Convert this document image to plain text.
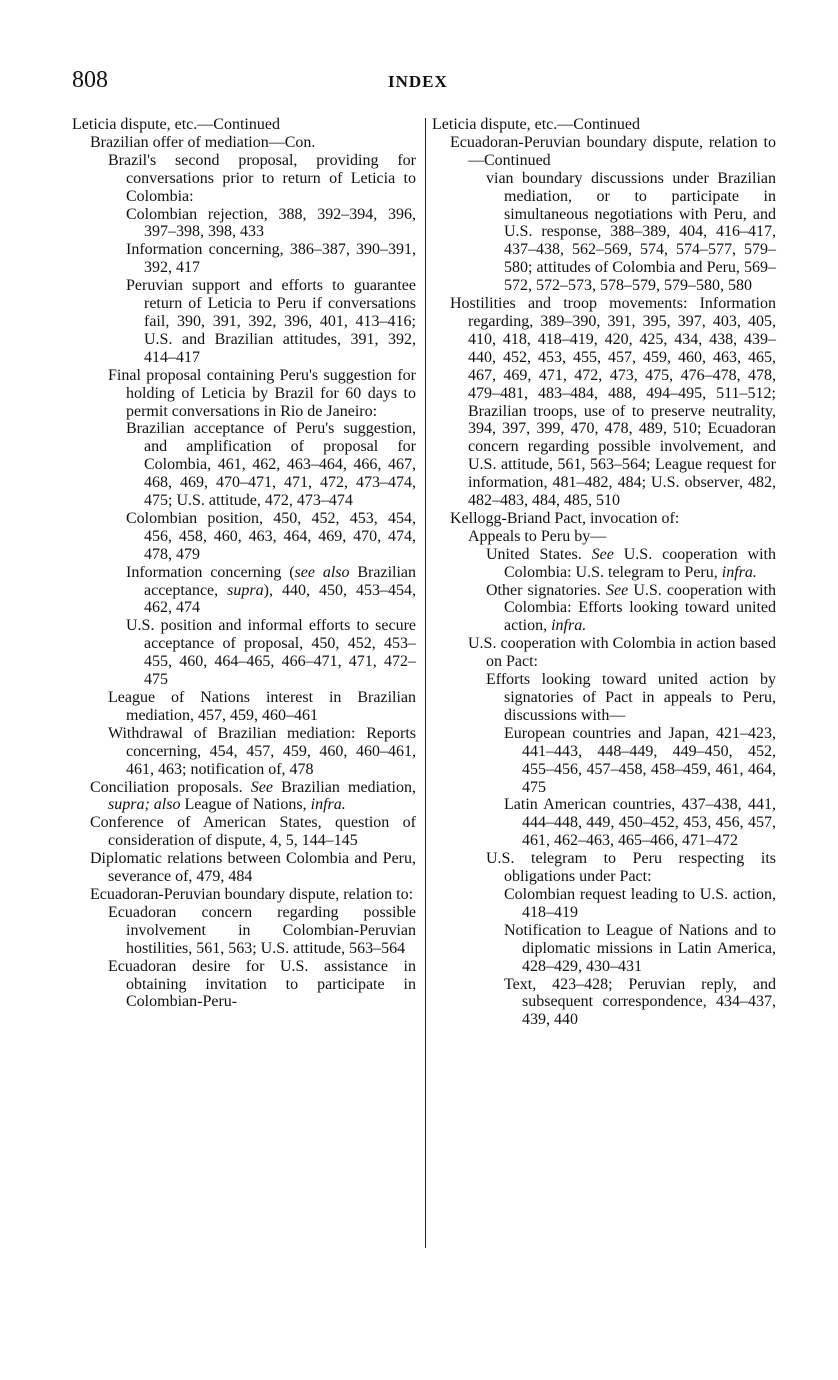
808	INDEX

Leticia dispute, etc.—Continued

Brazilian offer of mediation—Con.

Brazil's second proposal, providing for conversations prior to return of Leticia to Colombia:

Colombian rejection, 388, 392–394, 396, 397–398, 398, 433

Information concerning, 386–387, 390–391, 392, 417

Peruvian support and efforts to guarantee return of Leticia to Peru if conversations fail, 390, 391, 392, 396, 401, 413–416; U.S. and Brazilian attitudes, 391, 392, 414–417

Final proposal containing Peru's suggestion for holding of Leticia by Brazil for 60 days to permit conversations in Rio de Janeiro:

Brazilian acceptance of Peru's suggestion, and amplification of proposal for Colombia, 461, 462, 463–464, 466, 467, 468, 469, 470–471, 471, 472, 473–474, 475; U.S. attitude, 472, 473–474

Colombian position, 450, 452, 453, 454, 456, 458, 460, 463, 464, 469, 470, 474, 478, 479

Information concerning (see also Brazilian acceptance, supra), 440, 450, 453–454, 462, 474

U.S. position and informal efforts to secure acceptance of proposal, 450, 452, 453–455, 460, 464–465, 466–471, 471, 472–475

League of Nations interest in Brazilian mediation, 457, 459, 460–461

Withdrawal of Brazilian mediation: Reports concerning, 454, 457, 459, 460, 460–461, 461, 463; notification of, 478

Conciliation proposals. See Brazilian mediation, supra; also League of Nations, infra.

Conference of American States, question of consideration of dispute, 4, 5, 144–145

Diplomatic relations between Colombia and Peru, severance of, 479, 484

Ecuadoran-Peruvian boundary dispute, relation to:

Ecuadoran concern regarding possible involvement in Colombian-Peruvian hostilities, 561, 563; U.S. attitude, 563–564

Ecuadoran desire for U.S. assistance in obtaining invitation to participate in Colombian-Peru-

Leticia dispute, etc.—Continued

Ecuadoran-Peruvian boundary dispute, relation to—Continued

vian boundary discussions under Brazilian mediation, or to participate in simultaneous negotiations with Peru, and U.S. response, 388–389, 404, 416–417, 437–438, 562–569, 574, 574–577, 579–580; attitudes of Colombia and Peru, 569–572, 572–573, 578–579, 579–580, 580

Hostilities and troop movements: Information regarding, 389–390, 391, 395, 397, 403, 405, 410, 418, 418–419, 420, 425, 434, 438, 439–440, 452, 453, 455, 457, 459, 460, 463, 465, 467, 469, 471, 472, 473, 475, 476–478, 478, 479–481, 483–484, 488, 494–495, 511–512; Brazilian troops, use of to preserve neutrality, 394, 397, 399, 470, 478, 489, 510; Ecuadoran concern regarding possible involvement, and U.S. attitude, 561, 563–564; League request for information, 481–482, 484; U.S. observer, 482, 482–483, 484, 485, 510

Kellogg-Briand Pact, invocation of:

Appeals to Peru by—

United States. See U.S. cooperation with Colombia: U.S. telegram to Peru, infra.

Other signatories. See U.S. cooperation with Colombia: Efforts looking toward united action, infra.

U.S. cooperation with Colombia in action based on Pact:

Efforts looking toward united action by signatories of Pact in appeals to Peru, discussions with—

European countries and Japan, 421–423, 441–443, 448–449, 449–450, 452, 455–456, 457–458, 458–459, 461, 464, 475

Latin American countries, 437–438, 441, 444–448, 449, 450–452, 453, 456, 457, 461, 462–463, 465–466, 471–472

U.S. telegram to Peru respecting its obligations under Pact:

Colombian request leading to U.S. action, 418–419

Notification to League of Nations and to diplomatic missions in Latin America, 428–429, 430–431

Text, 423–428; Peruvian reply, and subsequent correspondence, 434–437, 439, 440
